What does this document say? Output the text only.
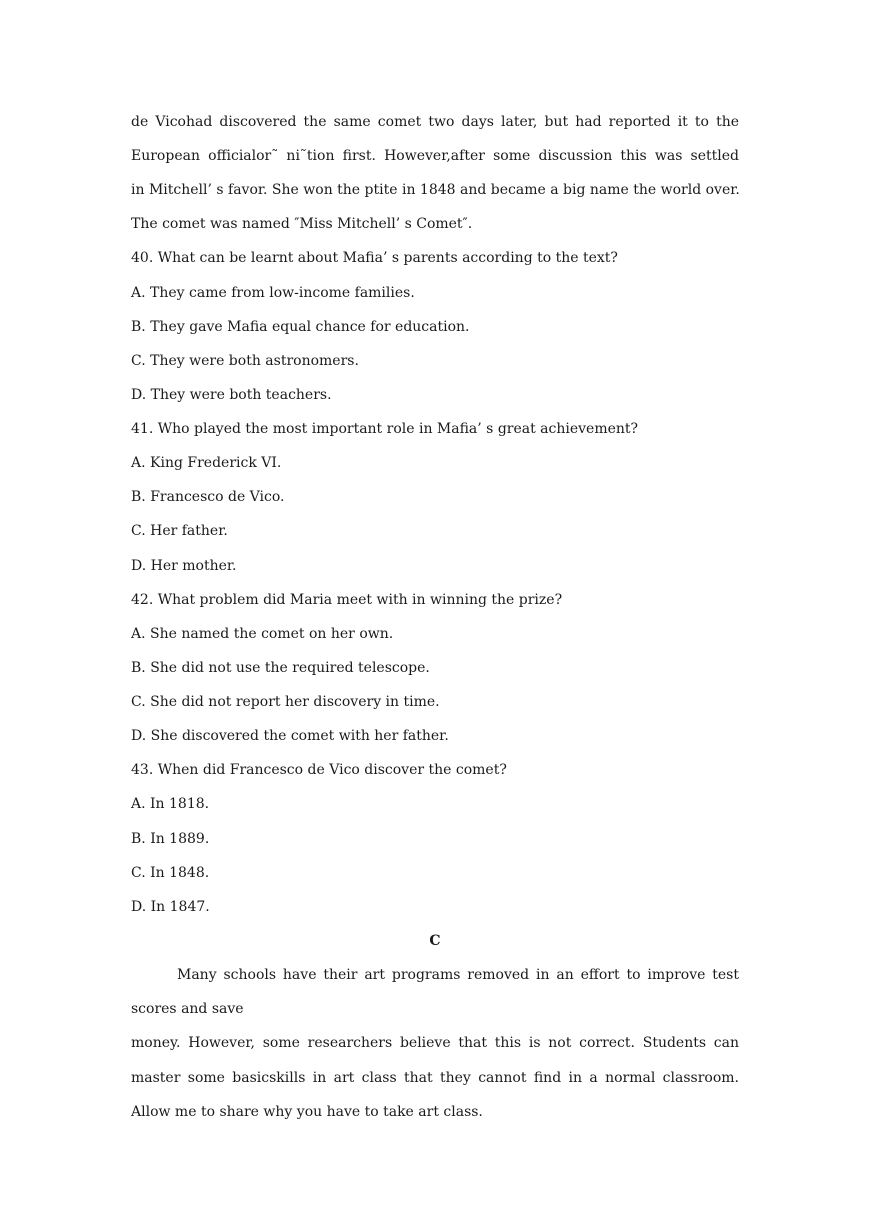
de Vicohad discovered the same comet two days later, but had reported it to the
European officialor˜ ni˜tion first. However,after some discussion this was settled
in Mitchell’ s favor. She won the ptite in 1848 and became a big name the world over.
The comet was named ″Miss Mitchell’ s Comet″.
40. What can be learnt about Mafia’ s parents according to the text?
A. They came from low-income families.
B. They gave Mafia equal chance for education.
C. They were both astronomers.
D. They were both teachers.
41. Who played the most important role in Mafia’ s great achievement?
A. King Frederick VI.
B. Francesco de Vico.
C. Her father.
D. Her mother.
42. What problem did Maria meet with in winning the prize?
A. She named the comet on her own.
B. She did not use the required telescope.
C. She did not report her discovery in time.
D. She discovered the comet with her father.
43. When did Francesco de Vico discover the comet?
A. In 1818.
B. In 1889.
C. In 1848.
D. In 1847.
C
Many schools have their art programs removed in an effort to improve test
scores and save
money. However, some researchers believe that this is not correct. Students can
master some basicskills in art class that they cannot find in a normal classroom.
Allow me to share why you have to take art class.
